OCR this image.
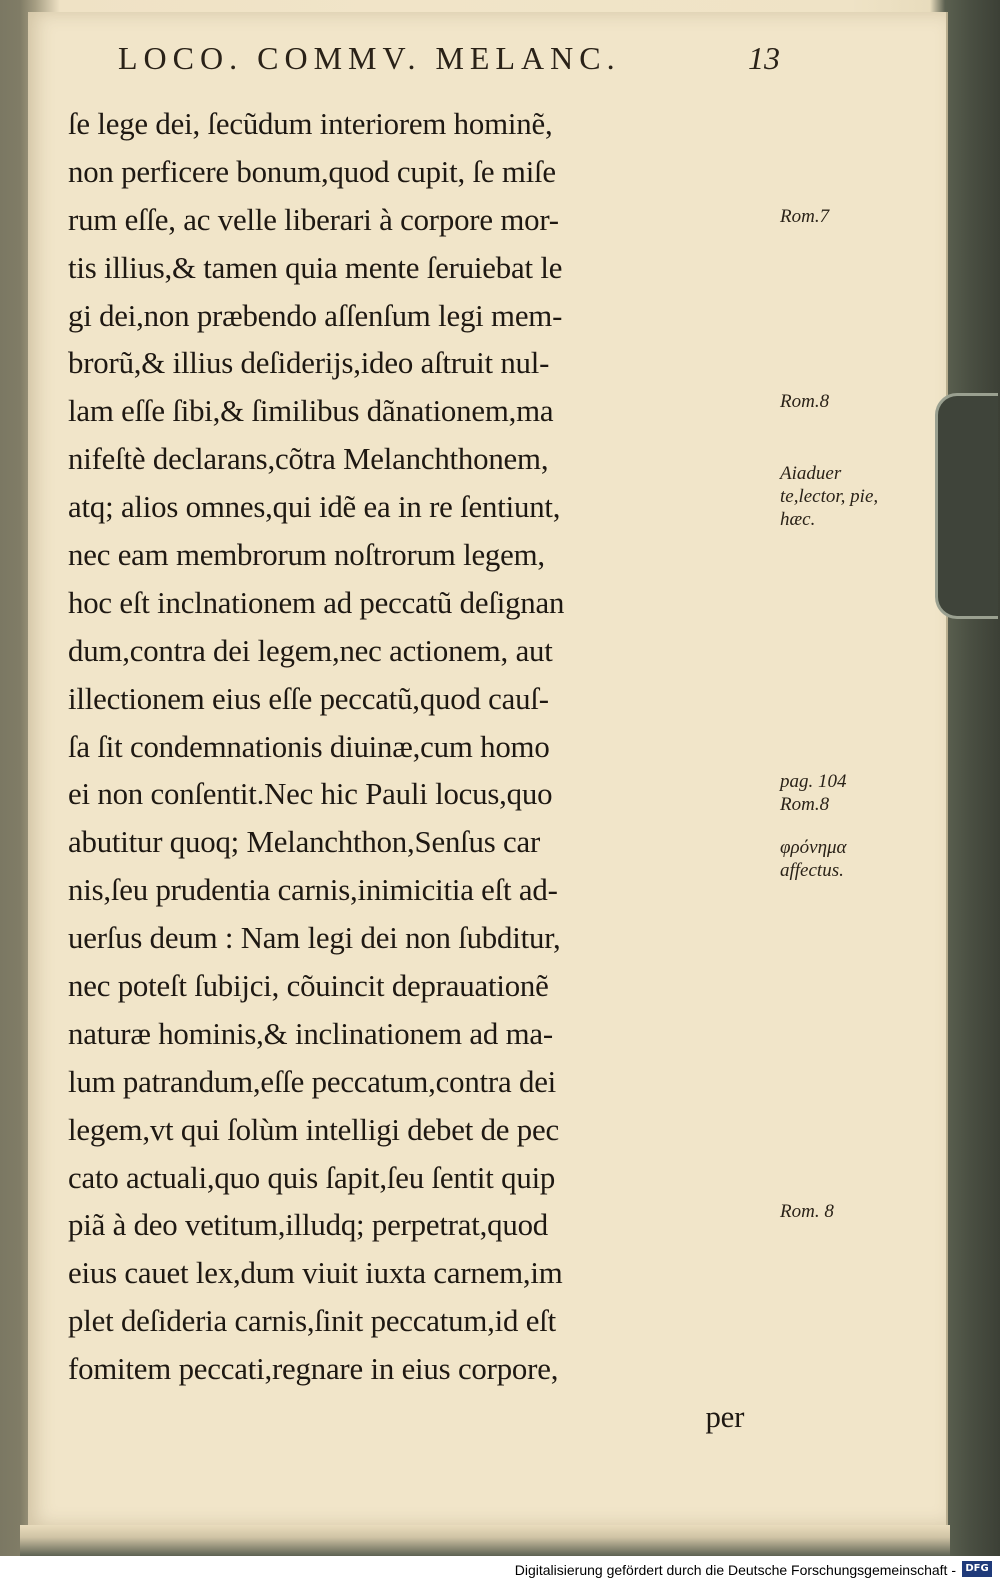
LOCO. COMMV. MELANC.	13
ſe lege dei, ſecũdum interiorem hominẽ,
non perficere bonum,quod cupit, ſe miſe
rum eſſe, ac velle liberari à corpore mor-
tis illius,& tamen quia mente ſeruiebat le
gi dei,non præbendo aſſenſum legi mem-
brorũ,& illius deſiderijs,ideo aſtruit nul-
lam eſſe ſibi,& ſimilibus dãnationem,ma
nifeſtè declarans,cõtra Melanchthonem,
atq; alios omnes,qui idẽ ea in re ſentiunt,
nec eam membrorum noſtrorum legem,
hoc eſt inclnationem ad peccatũ deſignan
dum,contra dei legem,nec actionem, aut
illectionem eius eſſe peccatũ,quod cauſ-
ſa ſit condemnationis diuinæ,cum homo
ei non conſentit.Nec hic Pauli locus,quo
abutitur quoq; Melanchthon,Senſus car
nis,ſeu prudentia carnis,inimicitia eſt ad-
uerſus deum : Nam legi dei non ſubditur,
nec poteſt ſubijci, cõuincit deprauationẽ
naturæ hominis,& inclinationem ad ma-
lum patrandum,eſſe peccatum,contra dei
legem,vt qui ſolùm intelligi debet de pec
cato actuali,quo quis ſapit,ſeu ſentit quip
piã à deo vetitum,illudq; perpetrat,quod
eius cauet lex,dum viuit iuxta carnem,im
plet deſideria carnis,ſinit peccatum,id eſt
fomitem peccati,regnare in eius corpore,
per
Rom.7
Rom.8
Aiaduer te,lector, pie, hæc.
pag. 104 Rom.8
φρόνημα affectus.
Rom. 8
Digitalisierung gefördert durch die Deutsche Forschungsgemeinschaft - DFG
